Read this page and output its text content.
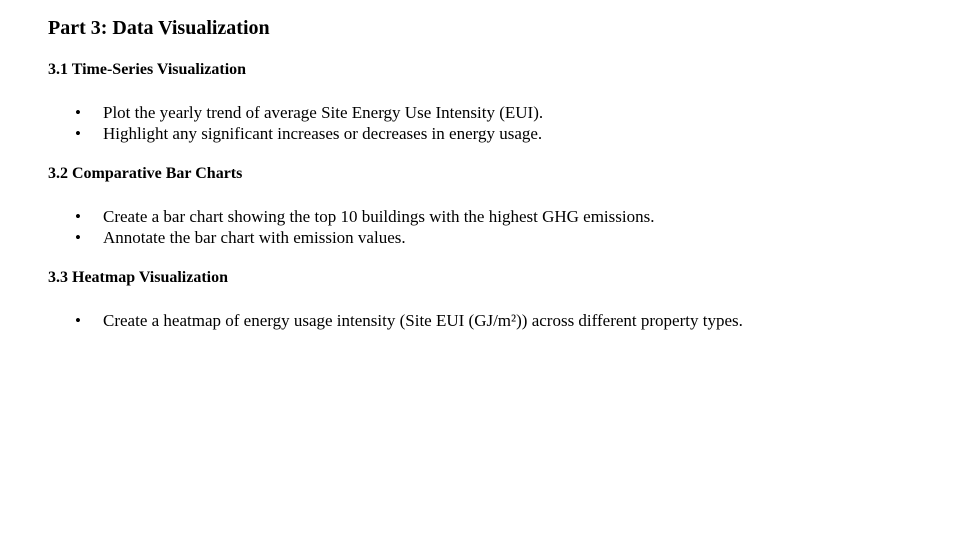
Part 3: Data Visualization
3.1 Time-Series Visualization
• Plot the yearly trend of average Site Energy Use Intensity (EUI).
• Highlight any significant increases or decreases in energy usage.
3.2 Comparative Bar Charts
• Create a bar chart showing the top 10 buildings with the highest GHG emissions.
• Annotate the bar chart with emission values.
3.3 Heatmap Visualization
• Create a heatmap of energy usage intensity (Site EUI (GJ/m²)) across different property types.
